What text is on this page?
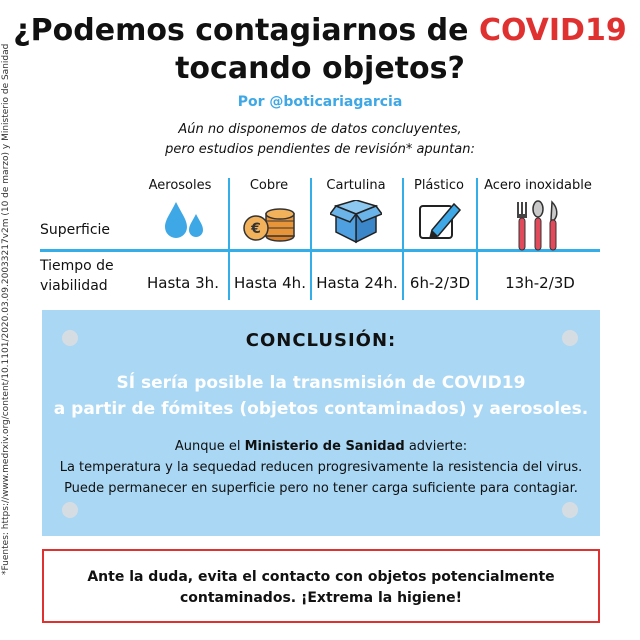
*Fuentes: https://www.medrxiv.org/content/10.1101/2020.03.09.20033217v2m (10 de marzo) y Ministerio de Sanidad
¿Podemos contagiarnos de COVID19
tocando objetos?
Por @boticariagarcia
Aún no disponemos de datos concluyentes,
pero estudios pendientes de revisión* apuntan:
Superficie
Tiempo de
viabilidad
Aerosoles
Hasta 3h.
Cobre
€
Hasta 4h.
Cartulina
Hasta 24h.
Plástico
6h-2/3D
Acero inoxidable
13h-2/3D
CONCLUSIÓN:
SÍ sería posible la transmisión de COVID19
a partir de fómites (objetos contaminados) y aerosoles.
Aunque el Ministerio de Sanidad advierte:
La temperatura y la sequedad reducen progresivamente la resistencia del virus.
Puede permanecer en superficie pero no tener carga suficiente para contagiar.
Ante la duda, evita el contacto con objetos potencialmente
contaminados. ¡Extrema la higiene!
